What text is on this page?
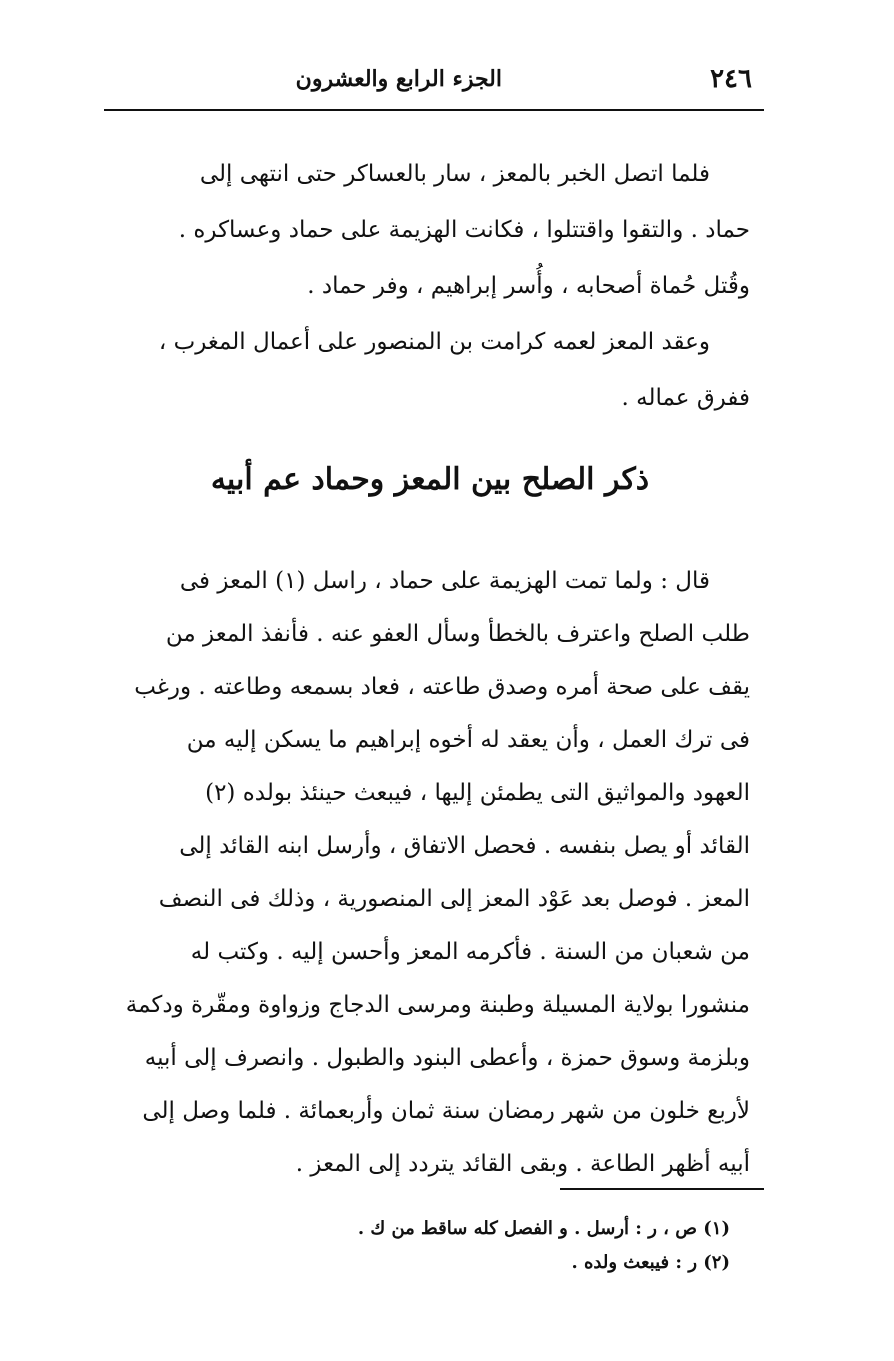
٢٤٦
الجزء الرابع والعشرون
فلما اتصل الخبر بالمعز ، سار بالعساكر حتى انتهى إلى
حماد . والتقوا واقتتلوا ، فكانت الهزيمة على حماد وعساكره .
وقُتل حُماة أصحابه ، وأُسر إبراهيم ، وفر حماد .
وعقد المعز لعمه كرامت بن المنصور على أعمال المغرب ،
ففرق عماله .
ذكر الصلح بين المعز وحماد عم أبيه
قال : ولما تمت الهزيمة على حماد ، راسل (١) المعز فى
طلب الصلح واعترف بالخطأ وسأل العفو عنه . فأنفذ المعز من
يقف على صحة أمره وصدق طاعته ، فعاد بسمعه وطاعته . ورغب
فى ترك العمل ، وأن يعقد له أخوه إبراهيم ما يسكن إليه من
العهود والمواثيق التى يطمئن إليها ، فيبعث حينئذ بولده (٢)
القائد أو يصل بنفسه . فحصل الاتفاق ، وأرسل ابنه القائد إلى
المعز . فوصل بعد عَوْد المعز إلى المنصورية ، وذلك فى النصف
من شعبان من السنة . فأكرمه المعز وأحسن إليه . وكتب له
منشورا بولاية المسيلة وطبنة ومرسى الدجاج وزواوة ومقّرة ودكمة
وبلزمة وسوق حمزة ، وأعطى البنود والطبول . وانصرف إلى أبيه
لأربع خلون من شهر رمضان سنة ثمان وأربعمائة . فلما وصل إلى
أبيه أظهر الطاعة . وبقى القائد يتردد إلى المعز .
(١) ص ، ر : أرسل . و الفصل كله ساقط من ك .
(٢) ر : فيبعث ولده .
